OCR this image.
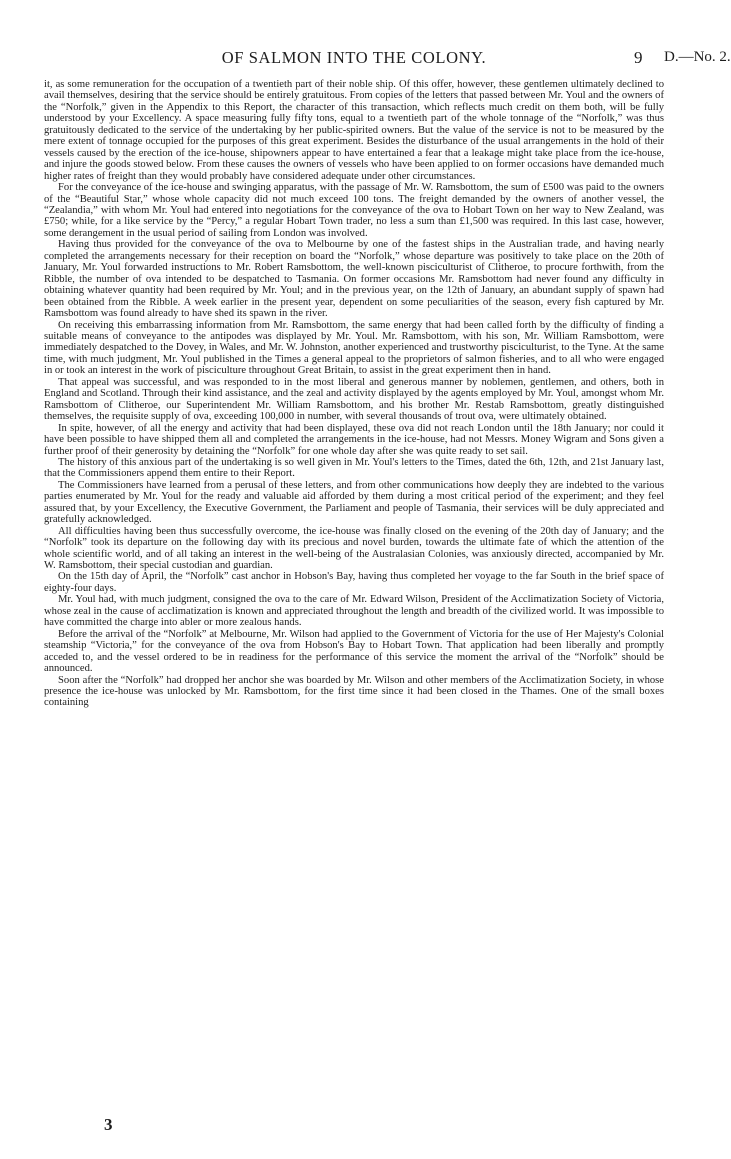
OF SALMON INTO THE COLONY.	9 D.—No. 2.

it, as some remuneration for the occupation of a twentieth part of their noble ship. Of this offer, however, these gentlemen ultimately declined to avail themselves, desiring that the service should be entirely gratuitous. From copies of the letters that passed between Mr. Youl and the owners of the “Norfolk,” given in the Appendix to this Report, the character of this transaction, which reflects much credit on them both, will be fully understood by your Excellency. A space measuring fully fifty tons, equal to a twentieth part of the whole tonnage of the “Norfolk,” was thus gratuitously dedicated to the service of the undertaking by her public-spirited owners. But the value of the service is not to be measured by the mere extent of tonnage occupied for the purposes of this great experiment. Besides the disturbance of the usual arrangements in the hold of their vessels caused by the erection of the ice-house, shipowners appear to have entertained a fear that a leakage might take place from the ice-house, and injure the goods stowed below. From these causes the owners of vessels who have been applied to on former occasions have demanded much higher rates of freight than they would probably have considered adequate under other circumstances.

For the conveyance of the ice-house and swinging apparatus, with the passage of Mr. W. Ramsbottom, the sum of £500 was paid to the owners of the “Beautiful Star,” whose whole capacity did not much exceed 100 tons. The freight demanded by the owners of another vessel, the “Zealandia,” with whom Mr. Youl had entered into negotiations for the conveyance of the ova to Hobart Town on her way to New Zealand, was £750; while, for a like service by the “Percy,” a regular Hobart Town trader, no less a sum than £1,500 was required. In this last case, however, some derangement in the usual period of sailing from London was involved.

Having thus provided for the conveyance of the ova to Melbourne by one of the fastest ships in the Australian trade, and having nearly completed the arrangements necessary for their reception on board the “Norfolk,” whose departure was positively to take place on the 20th of January, Mr. Youl forwarded instructions to Mr. Robert Ramsbottom, the well-known pisciculturist of Clitheroe, to procure forthwith, from the Ribble, the number of ova intended to be despatched to Tasmania. On former occasions Mr. Ramsbottom had never found any difficulty in obtaining whatever quantity had been required by Mr. Youl; and in the previous year, on the 12th of January, an abundant supply of spawn had been obtained from the Ribble. A week earlier in the present year, dependent on some peculiarities of the season, every fish captured by Mr. Ramsbottom was found already to have shed its spawn in the river.

On receiving this embarrassing information from Mr. Ramsbottom, the same energy that had been called forth by the difficulty of finding a suitable means of conveyance to the antipodes was displayed by Mr. Youl. Mr. Ramsbottom, with his son, Mr. William Ramsbottom, were immediately despatched to the Dovey, in Wales, and Mr. W. Johnston, another experienced and trustworthy pisciculturist, to the Tyne. At the same time, with much judgment, Mr. Youl published in the Times a general appeal to the proprietors of salmon fisheries, and to all who were engaged in or took an interest in the work of pisciculture throughout Great Britain, to assist in the great experiment then in hand.

That appeal was successful, and was responded to in the most liberal and generous manner by noblemen, gentlemen, and others, both in England and Scotland. Through their kind assistance, and the zeal and activity displayed by the agents employed by Mr. Youl, amongst whom Mr. Ramsbottom of Clitheroe, our Superintendent Mr. William Ramsbottom, and his brother Mr. Restab Ramsbottom, greatly distinguished themselves, the requisite supply of ova, exceeding 100,000 in number, with several thousands of trout ova, were ultimately obtained.

In spite, however, of all the energy and activity that had been displayed, these ova did not reach London until the 18th January; nor could it have been possible to have shipped them all and completed the arrangements in the ice-house, had not Messrs. Money Wigram and Sons given a further proof of their generosity by detaining the “Norfolk” for one whole day after she was quite ready to set sail.

The history of this anxious part of the undertaking is so well given in Mr. Youl's letters to the Times, dated the 6th, 12th, and 21st January last, that the Commissioners append them entire to their Report.

The Commissioners have learned from a perusal of these letters, and from other communications how deeply they are indebted to the various parties enumerated by Mr. Youl for the ready and valuable aid afforded by them during a most critical period of the experiment; and they feel assured that, by your Excellency, the Executive Government, the Parliament and people of Tasmania, their services will be duly appreciated and gratefully acknowledged.

All difficulties having been thus successfully overcome, the ice-house was finally closed on the evening of the 20th day of January; and the “Norfolk” took its departure on the following day with its precious and novel burden, towards the ultimate fate of which the attention of the whole scientific world, and of all taking an interest in the well-being of the Australasian Colonies, was anxiously directed, accompanied by Mr. W. Ramsbottom, their special custodian and guardian.

On the 15th day of April, the “Norfolk” cast anchor in Hobson's Bay, having thus completed her voyage to the far South in the brief space of eighty-four days.

Mr. Youl had, with much judgment, consigned the ova to the care of Mr. Edward Wilson, President of the Acclimatization Society of Victoria, whose zeal in the cause of acclimatization is known and appreciated throughout the length and breadth of the civilized world. It was impossible to have committed the charge into abler or more zealous hands.

Before the arrival of the “Norfolk” at Melbourne, Mr. Wilson had applied to the Government of Victoria for the use of Her Majesty's Colonial steamship “Victoria,” for the conveyance of the ova from Hobson's Bay to Hobart Town. That application had been liberally and promptly acceded to, and the vessel ordered to be in readiness for the performance of this service the moment the arrival of the “Norfolk” should be announced.

Soon after the “Norfolk” had dropped her anchor she was boarded by Mr. Wilson and other members of the Acclimatization Society, in whose presence the ice-house was unlocked by Mr. Ramsbottom, for the first time since it had been closed in the Thames. One of the small boxes containing

3
